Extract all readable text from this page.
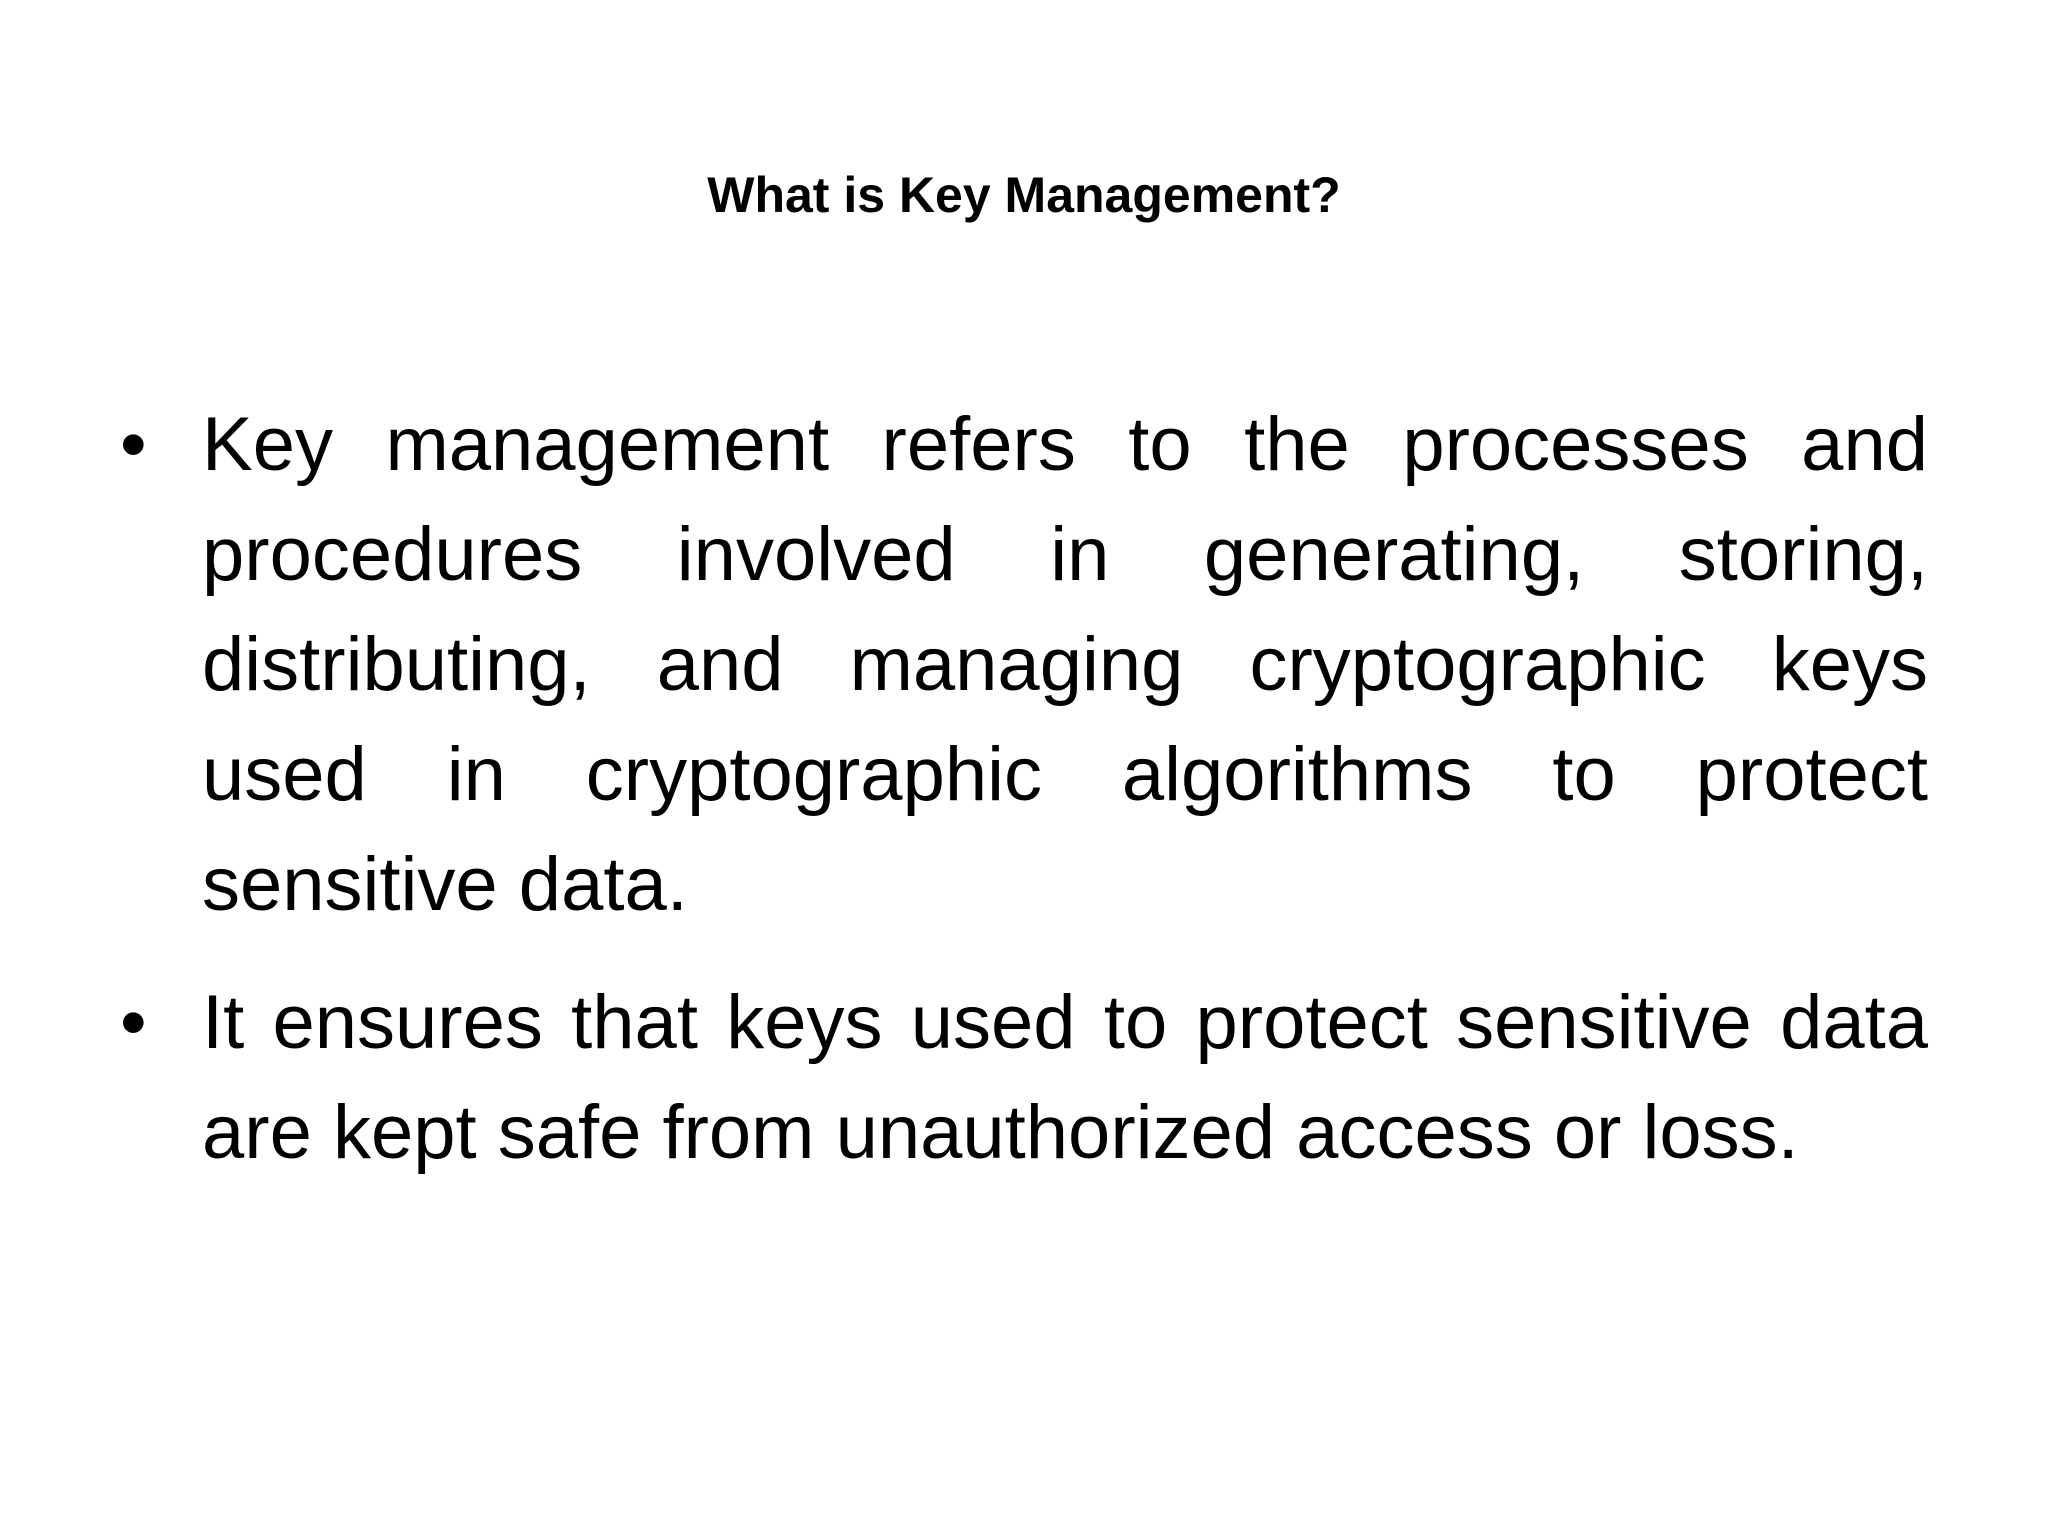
What is Key Management?
• Key management refers to the processes and procedures involved in generating, storing, distributing, and managing cryptographic keys used in cryptographic algorithms to protect sensitive data.
• It ensures that keys used to protect sensitive data are kept safe from unauthorized access or loss.
